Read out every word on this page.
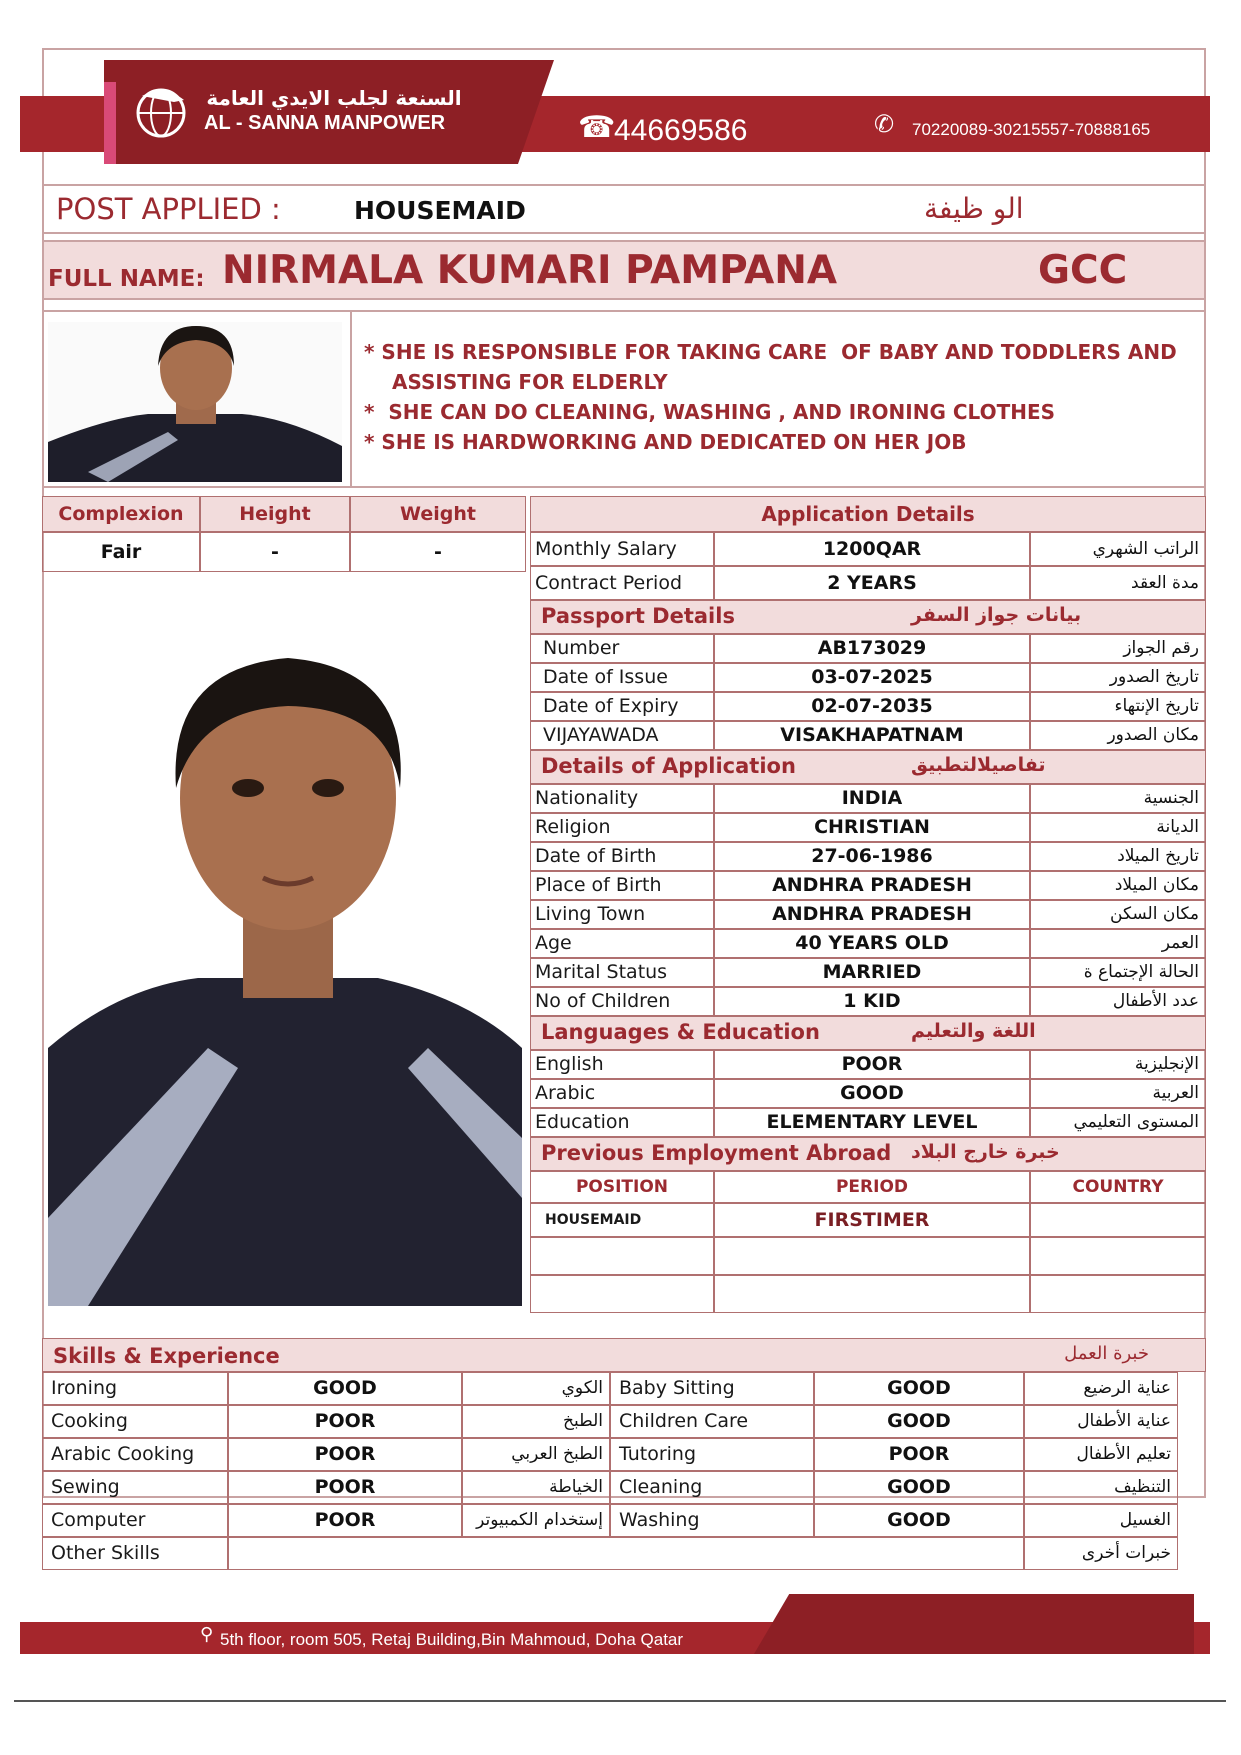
السنعة لجلب الايدي العامة
AL - SANNA MANPOWER	☎
44669586	✆ 70220089-30215557-70888165
POST APPLIED :	HOUSEMAID	الو ظيفة
FULL NAME: NIRMALA KUMARI PAMPANA	GCC
* SHE IS RESPONSIBLE FOR TAKING CARE  OF BABY AND TODDLERS AND
ASSISTING FOR ELDERLY
*  SHE CAN DO CLEANING, WASHING , AND IRONING CLOTHES
* SHE IS HARDWORKING AND DEDICATED ON HER JOB
Complexion	Height	Weight
Fair	-	-
Application Details
Monthly Salary	1200QAR	الراتب الشهري
Contract Period	2 YEARS	مدة العقد
Passport Details	بيانات جواز السفر
Number	AB173029	رقم الجواز
Date of Issue	03-07-2025	تاريخ الصدور
Date of Expiry	02-07-2035	تاريخ الإنتهاء
VIJAYAWADA	VISAKHAPATNAM	مكان الصدور
Details of Application	تفاصيلالتطبيق
Nationality	INDIA	الجنسية
Religion	CHRISTIAN	الديانة
Date of Birth	27-06-1986	تاريخ الميلاد
Place of Birth	ANDHRA PRADESH	مكان الميلاد
Living Town	ANDHRA PRADESH	مكان السكن
Age	40 YEARS OLD	العمر
Marital Status	MARRIED	الحالة الإجتماع ة
No of Children	1 KID	عدد الأطفال
Languages & Education	اللغة والتعليم
English	POOR	الإنجليزية
Arabic	GOOD	العربية
Education	ELEMENTARY LEVEL	المستوى التعليمي
Previous Employment Abroad خبرة خارج البلاد
POSITION	PERIOD	COUNTRY
HOUSEMAID	FIRSTIMER
Skills & Experience	خبرة العمل
Ironing	GOOD	الكوي Baby Sitting	GOOD	عناية الرضيع
Cooking	POOR	الطبخ Children Care	GOOD	عناية الأطفال
Arabic Cooking	POOR	الطبخ العربي Tutoring	POOR	تعليم الأطفال
Sewing	POOR	الخياطة Cleaning	GOOD	التنظيف
Computer	POOR	إستخدام الكمبيوتر Washing	GOOD	الغسيل
Other Skills	خبرات أخرى
⚲ 5th floor, room 505, Retaj Building,Bin Mahmoud, Doha Qatar
